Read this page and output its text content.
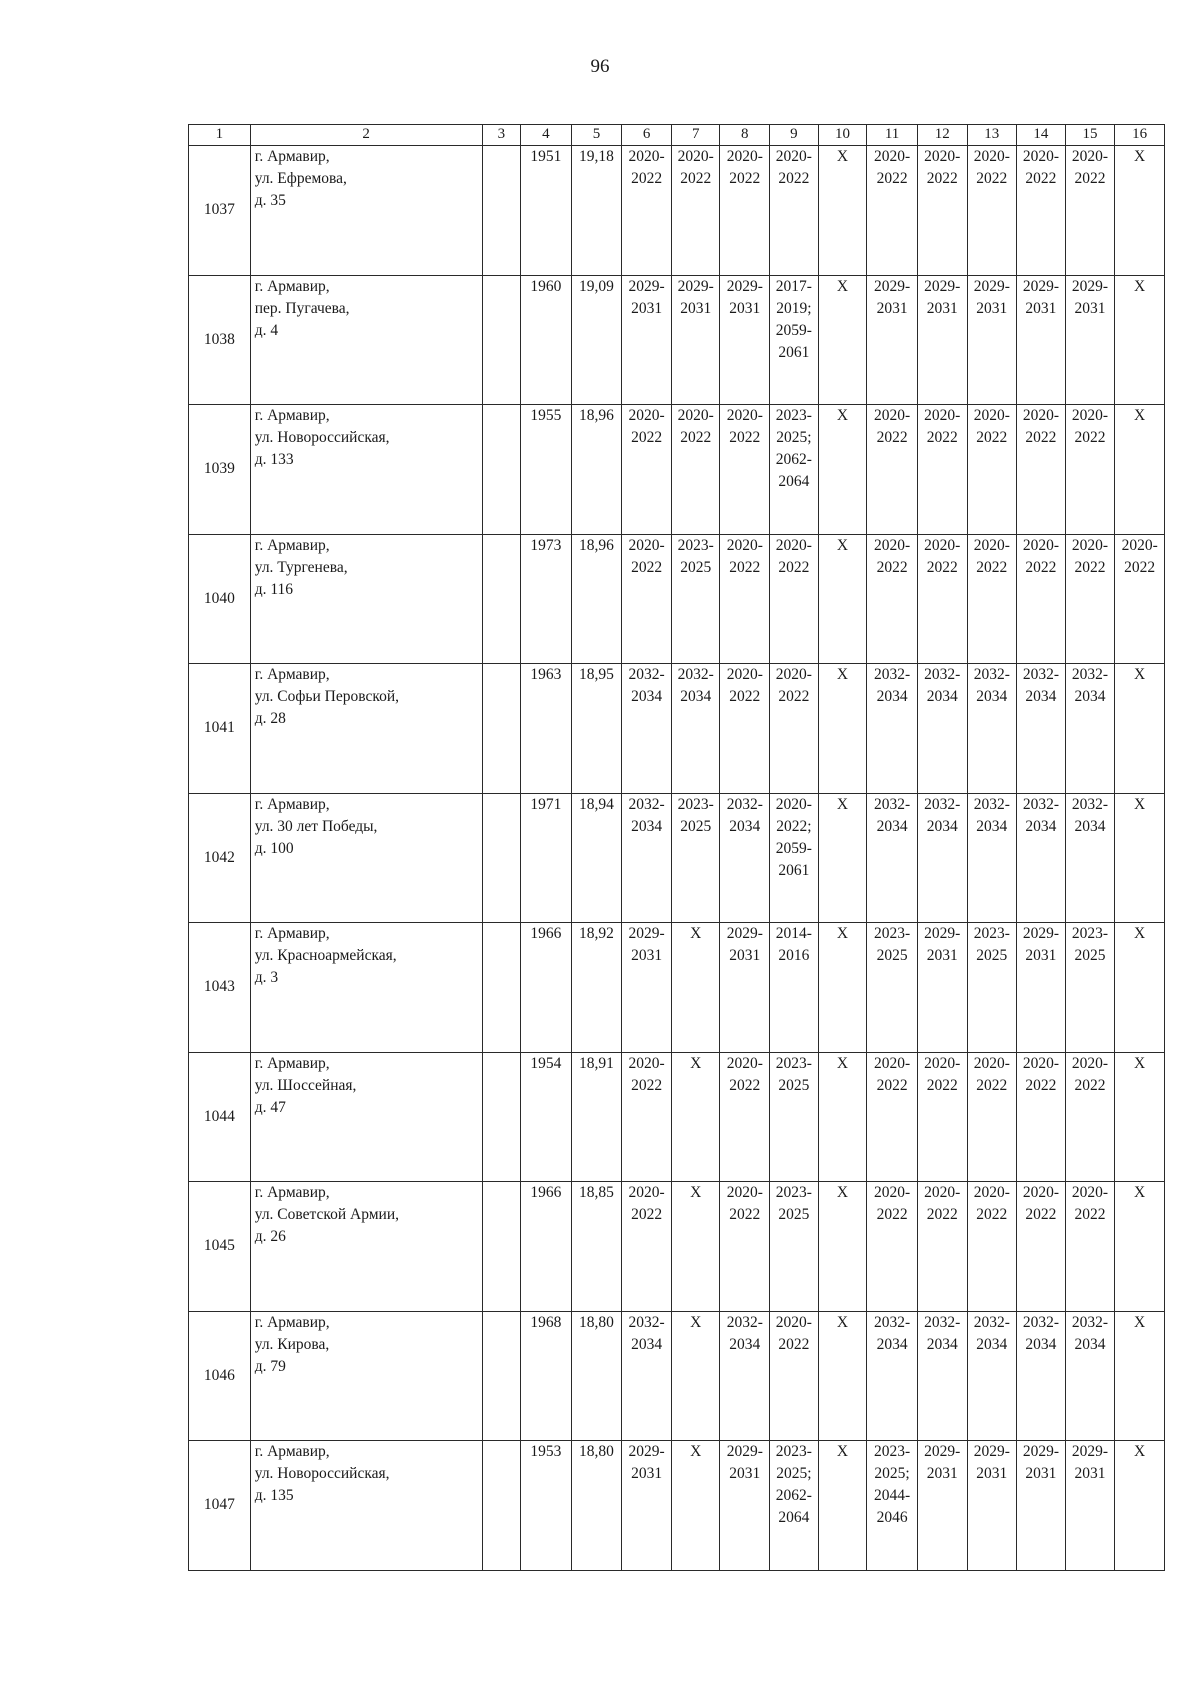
96
1	2	3	4	5	6	7	8	9	10	11	12	13	14	15	16
1037	г. Армавир,
ул. Ефремова,
д. 35		1951	19,18	2020-
2022	2020-
2022	2020-
2022	2020-
2022	X	2020-
2022	2020-
2022	2020-
2022	2020-
2022	2020-
2022	X

1038	г. Армавир,
пер. Пугачева,
д. 4		1960	19,09	2029-
2031	2029-
2031	2029-
2031	2017-
2019;
2059-
2061	X	2029-
2031	2029-
2031	2029-
2031	2029-
2031	2029-
2031	X

1039	г. Армавир,
ул. Новороссийская,
д. 133		1955	18,96	2020-
2022	2020-
2022	2020-
2022	2023-
2025;
2062-
2064	X	2020-
2022	2020-
2022	2020-
2022	2020-
2022	2020-
2022	X

1040	г. Армавир,
ул. Тургенева,
д. 116		1973	18,96	2020-
2022	2023-
2025	2020-
2022	2020-
2022	X	2020-
2022	2020-
2022	2020-
2022	2020-
2022	2020-
2022	2020-
2022

1041	г. Армавир,
ул. Софьи Перовской,
д. 28		1963	18,95	2032-
2034	2032-
2034	2020-
2022	2020-
2022	X	2032-
2034	2032-
2034	2032-
2034	2032-
2034	2032-
2034	X

1042	г. Армавир,
ул. 30 лет Победы,
д. 100		1971	18,94	2032-
2034	2023-
2025	2032-
2034	2020-
2022;
2059-
2061	X	2032-
2034	2032-
2034	2032-
2034	2032-
2034	2032-
2034	X

1043	г. Армавир,
ул. Красноармейская,
д. 3		1966	18,92	2029-
2031	X	2029-
2031	2014-
2016	X	2023-
2025	2029-
2031	2023-
2025	2029-
2031	2023-
2025	X

1044	г. Армавир,
ул. Шоссейная,
д. 47		1954	18,91	2020-
2022	X	2020-
2022	2023-
2025	X	2020-
2022	2020-
2022	2020-
2022	2020-
2022	2020-
2022	X

1045	г. Армавир,
ул. Советской Армии,
д. 26		1966	18,85	2020-
2022	X	2020-
2022	2023-
2025	X	2020-
2022	2020-
2022	2020-
2022	2020-
2022	2020-
2022	X

1046	г. Армавир,
ул. Кирова,
д. 79		1968	18,80	2032-
2034	X	2032-
2034	2020-
2022	X	2032-
2034	2032-
2034	2032-
2034	2032-
2034	2032-
2034	X

1047	г. Армавир,
ул. Новороссийская,
д. 135		1953	18,80	2029-
2031	X	2029-
2031	2023-
2025;
2062-
2064	X	2023-
2025;
2044-
2046	2029-
2031	2029-
2031	2029-
2031	2029-
2031	X
